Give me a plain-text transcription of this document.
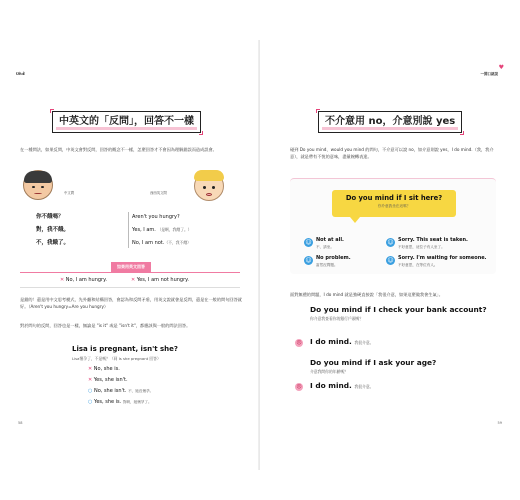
Ʊĥ̉ıĖ
中英文的「反問」，回答不一樣
在一種問法，如果反問，中英文會對反問，回答的概念不一樣，怎麼回答才不會因為理解錯誤而造成誤會。
中文問	西西英文問
你不餓嗎？
對，我不餓。
不，我餓了。
Aren't you hungry?
Yes, I am. （是啊，我餓了。）
No, I am not.（不，我不餓）
如果用英文回答
✕ No, I am hungry.	✕ Yes, I am not hungry.
是錯的！還是用中文思考模式，先外翻和結構回答，會認為和反問矛盾，用英文說就會是反問，還是在一般的問句回答就好。（Aren't you hungry=Are you hungry）
對於問句的反問，回答也是一樣，無論是 "is it" 或是 "isn't it"，都應該與一般的問法回答。
Lisa is pregnant, isn't she?
Lisa懷孕了，不是嗎？（同 Is she pregnant 回答）
✕ No, she is.
✕ Yes, she isn't.
○ No, she isn't. 不，她沒懷孕。
○ Yes, she is. 對啊，她懷孕了。
58
一開口就說
♥
不介意用 no，介意別說 yes
碰到 Do you mind、would you mind 的問句，不介意可以說 no，如介意則說 yes，I do mind.（我，我介意），就是帶有不悅的意味，盡量婉轉表達。
Do you mind if I sit here?
你介意我坐在這嗎？
☺ Not at all.
不，請坐。
☺ Sorry. This seat is taken.
不好意思，這位子有人坐了。
☺ No problem.
當然沒問題。
☺ Sorry. I'm waiting for someone.
不好意思，在等位有人。
面對無禮的問題，I do mind 就是強硬直接說「我很介意，如果這麼做我會生氣」。
Do you mind if I check your bank account?
你介意我查看你的銀行戶頭嗎？
☹ I do mind. 我很介意。
Do you mind if I ask your age?
介意我問你的年齡嗎？
☹ I do mind. 我很介意。
59
